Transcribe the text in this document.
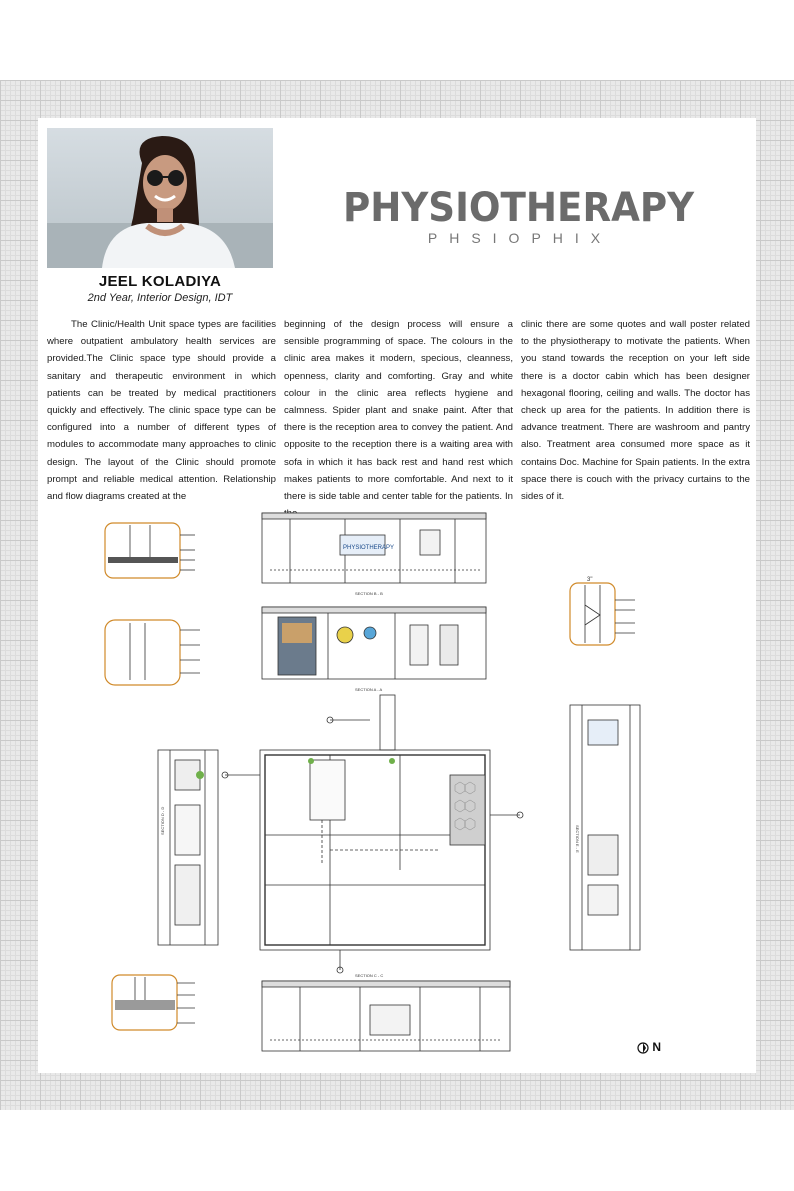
JEEL KOLADIYA
2nd Year, Interior Design, IDT
PHYSIOTHERAPY
PHSIOPHIX
The Clinic/Health Unit space types are facilities where outpatient ambulatory health services are provided.The Clinic space type should provide a sanitary and therapeutic environment in which patients can be treated by medical practitioners quickly and effectively. The clinic space type can be configured into a number of different types of modules to accommodate many approaches to clinic design. The layout of the Clinic should promote prompt and reliable medical attention. Relationship and flow diagrams created at the
beginning of the design process will ensure a sensible programming of space. The colours in the clinic area makes it modern, specious, cleanness, openness, clarity and comforting. Gray and white colour in the clinic area reflects hygiene and calmness. Spider plant and snake paint. After that there is the reception area to convey the patient. And opposite to the reception there is a waiting area with sofa in which it has back rest and hand rest which makes patients to more comfortable. And next to it there is side table and center table for the patients. In
clinic there are some quotes and wall poster related to the physiotherapy to motivate the patients. When you stand towards the reception on your left side there is a doctor cabin which has been designer hexagonal flooring, ceiling and walls. The doctor has check up area for the patients. In addition there is advance treatment. There are washroom and pantry also. Treatment area consumed more space as it contains Doc. Machine for Spain patients. In the extra space there is couch with the privacy curtains to the sides of it.
PHYSIOTHERAPY
SECTION B - B
SECTION A - A
3"
SECTION D - D
SECTION E - E
SECTION C - C
N
